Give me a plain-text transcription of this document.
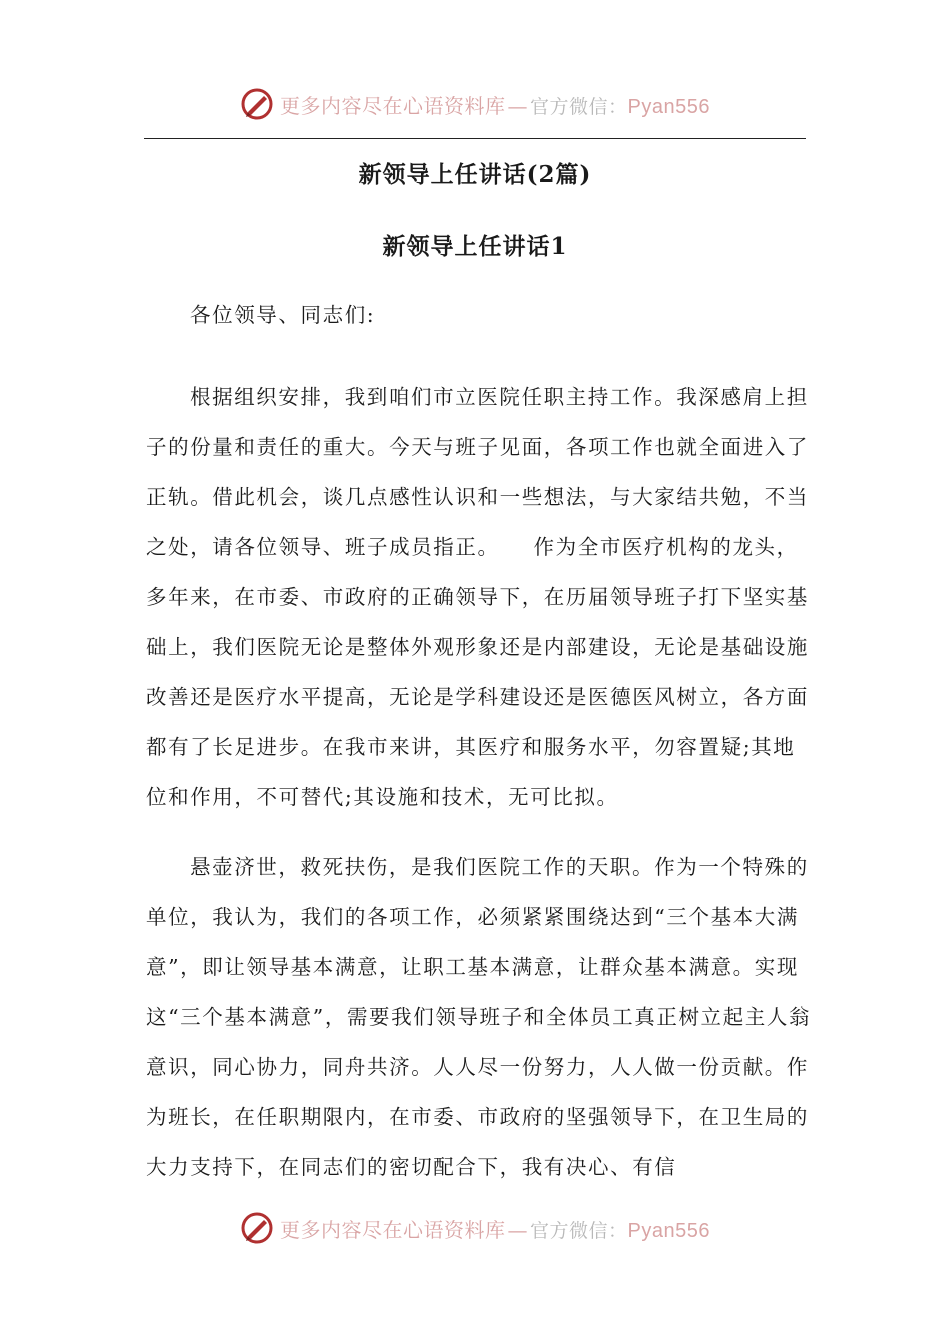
更多内容尽在心语资料库 — 官方微信： Pyan556
新领导上任讲话(2篇)
新领导上任讲话1
各位领导、同志们:

根据组织安排，我到咱们市立医院任职主持工作。我深感肩上担子的份量和责任的重大。今天与班子见面，各项工作也就全面进入了正轨。借此机会，谈几点感性认识和一些想法，与大家结共勉，不当之处，请各位领导、班子成员指正。　　作为全市医疗机构的龙头，多年来，在市委、市政府的正确领导下，在历届领导班子打下坚实基础上，我们医院无论是整体外观形象还是内部建设，无论是基础设施改善还是医疗水平提高，无论是学科建设还是医德医风树立，各方面都有了长足进步。在我市来讲，其医疗和服务水平，勿容置疑;其地位和作用，不可替代;其设施和技术，无可比拟。

悬壶济世，救死扶伤，是我们医院工作的天职。作为一个特殊的单位，我认为，我们的各项工作，必须紧紧围绕达到“三个基本大满意”，即让领导基本满意，让职工基本满意，让群众基本满意。实现这“三个基本满意”，需要我们领导班子和全体员工真正树立起主人翁意识，同心协力，同舟共济。人人尽一份努力，人人做一份贡献。作为班长，在任职期限内，在市委、市政府的坚强领导下，在卫生局的大力支持下，在同志们的密切配合下，我有决心、有信

更多内容尽在心语资料库 — 官方微信： Pyan556
